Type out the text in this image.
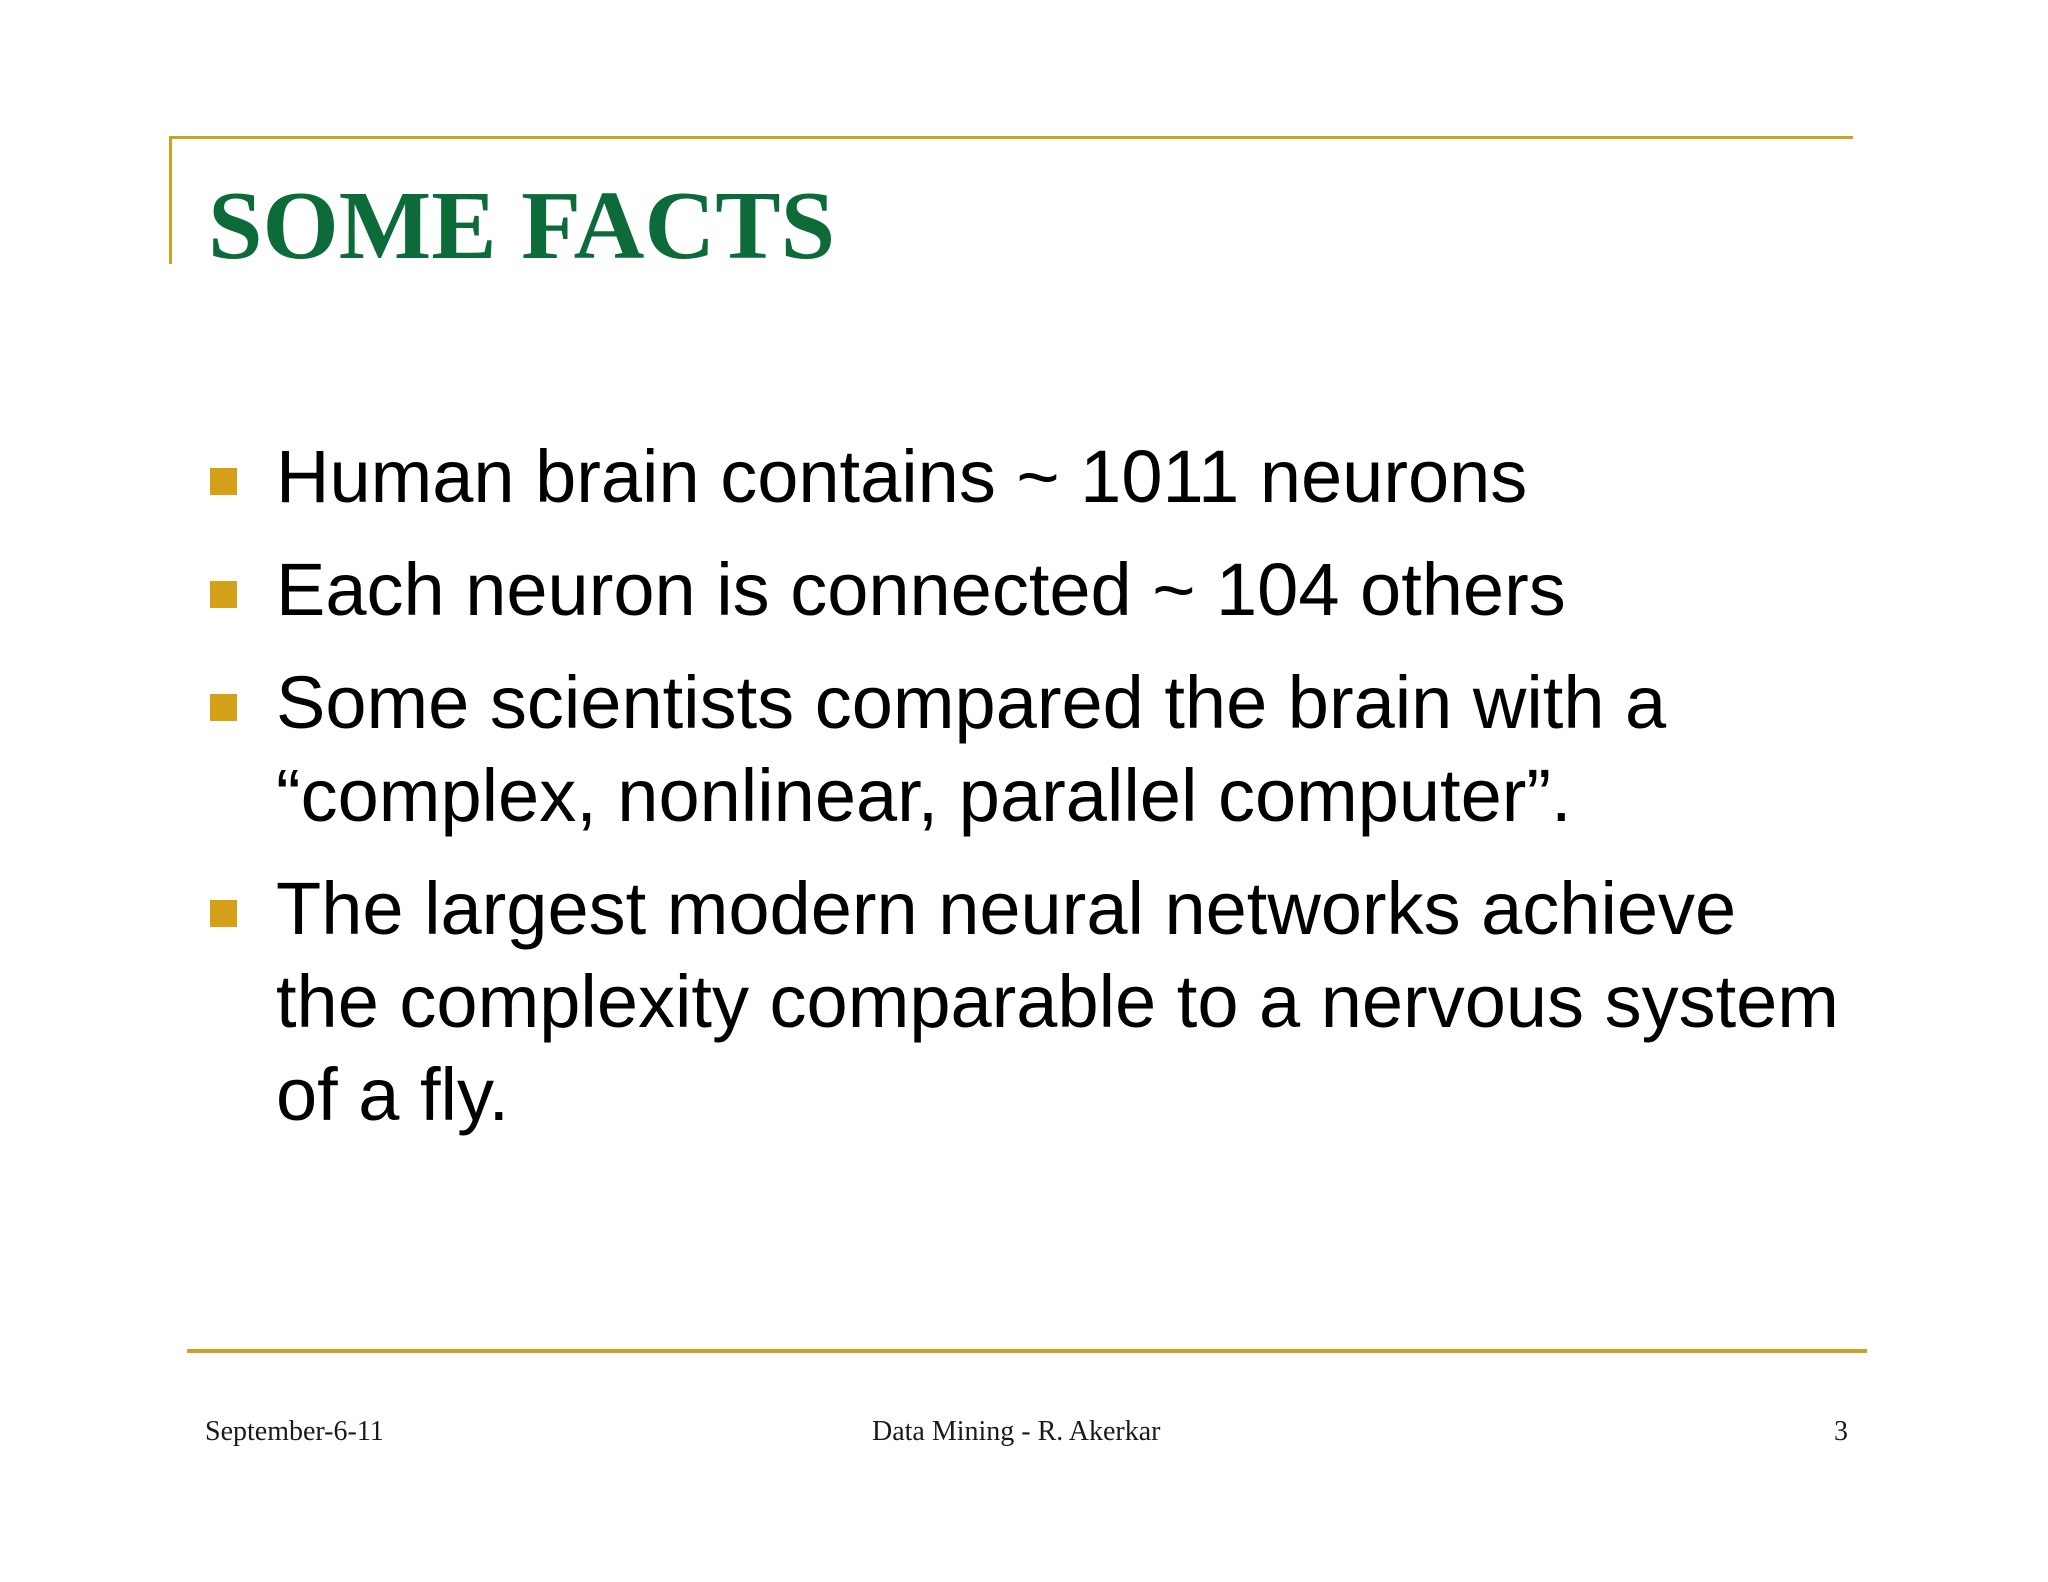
SOME FACTS
Human brain contains ~ 1011 neurons
Each neuron is connected ~ 104 others
Some scientists compared the brain with a “complex, nonlinear, parallel computer”.
The largest modern neural networks achieve the complexity comparable to a nervous system of a fly.

September-6-11	Data Mining - R. Akerkar	3
